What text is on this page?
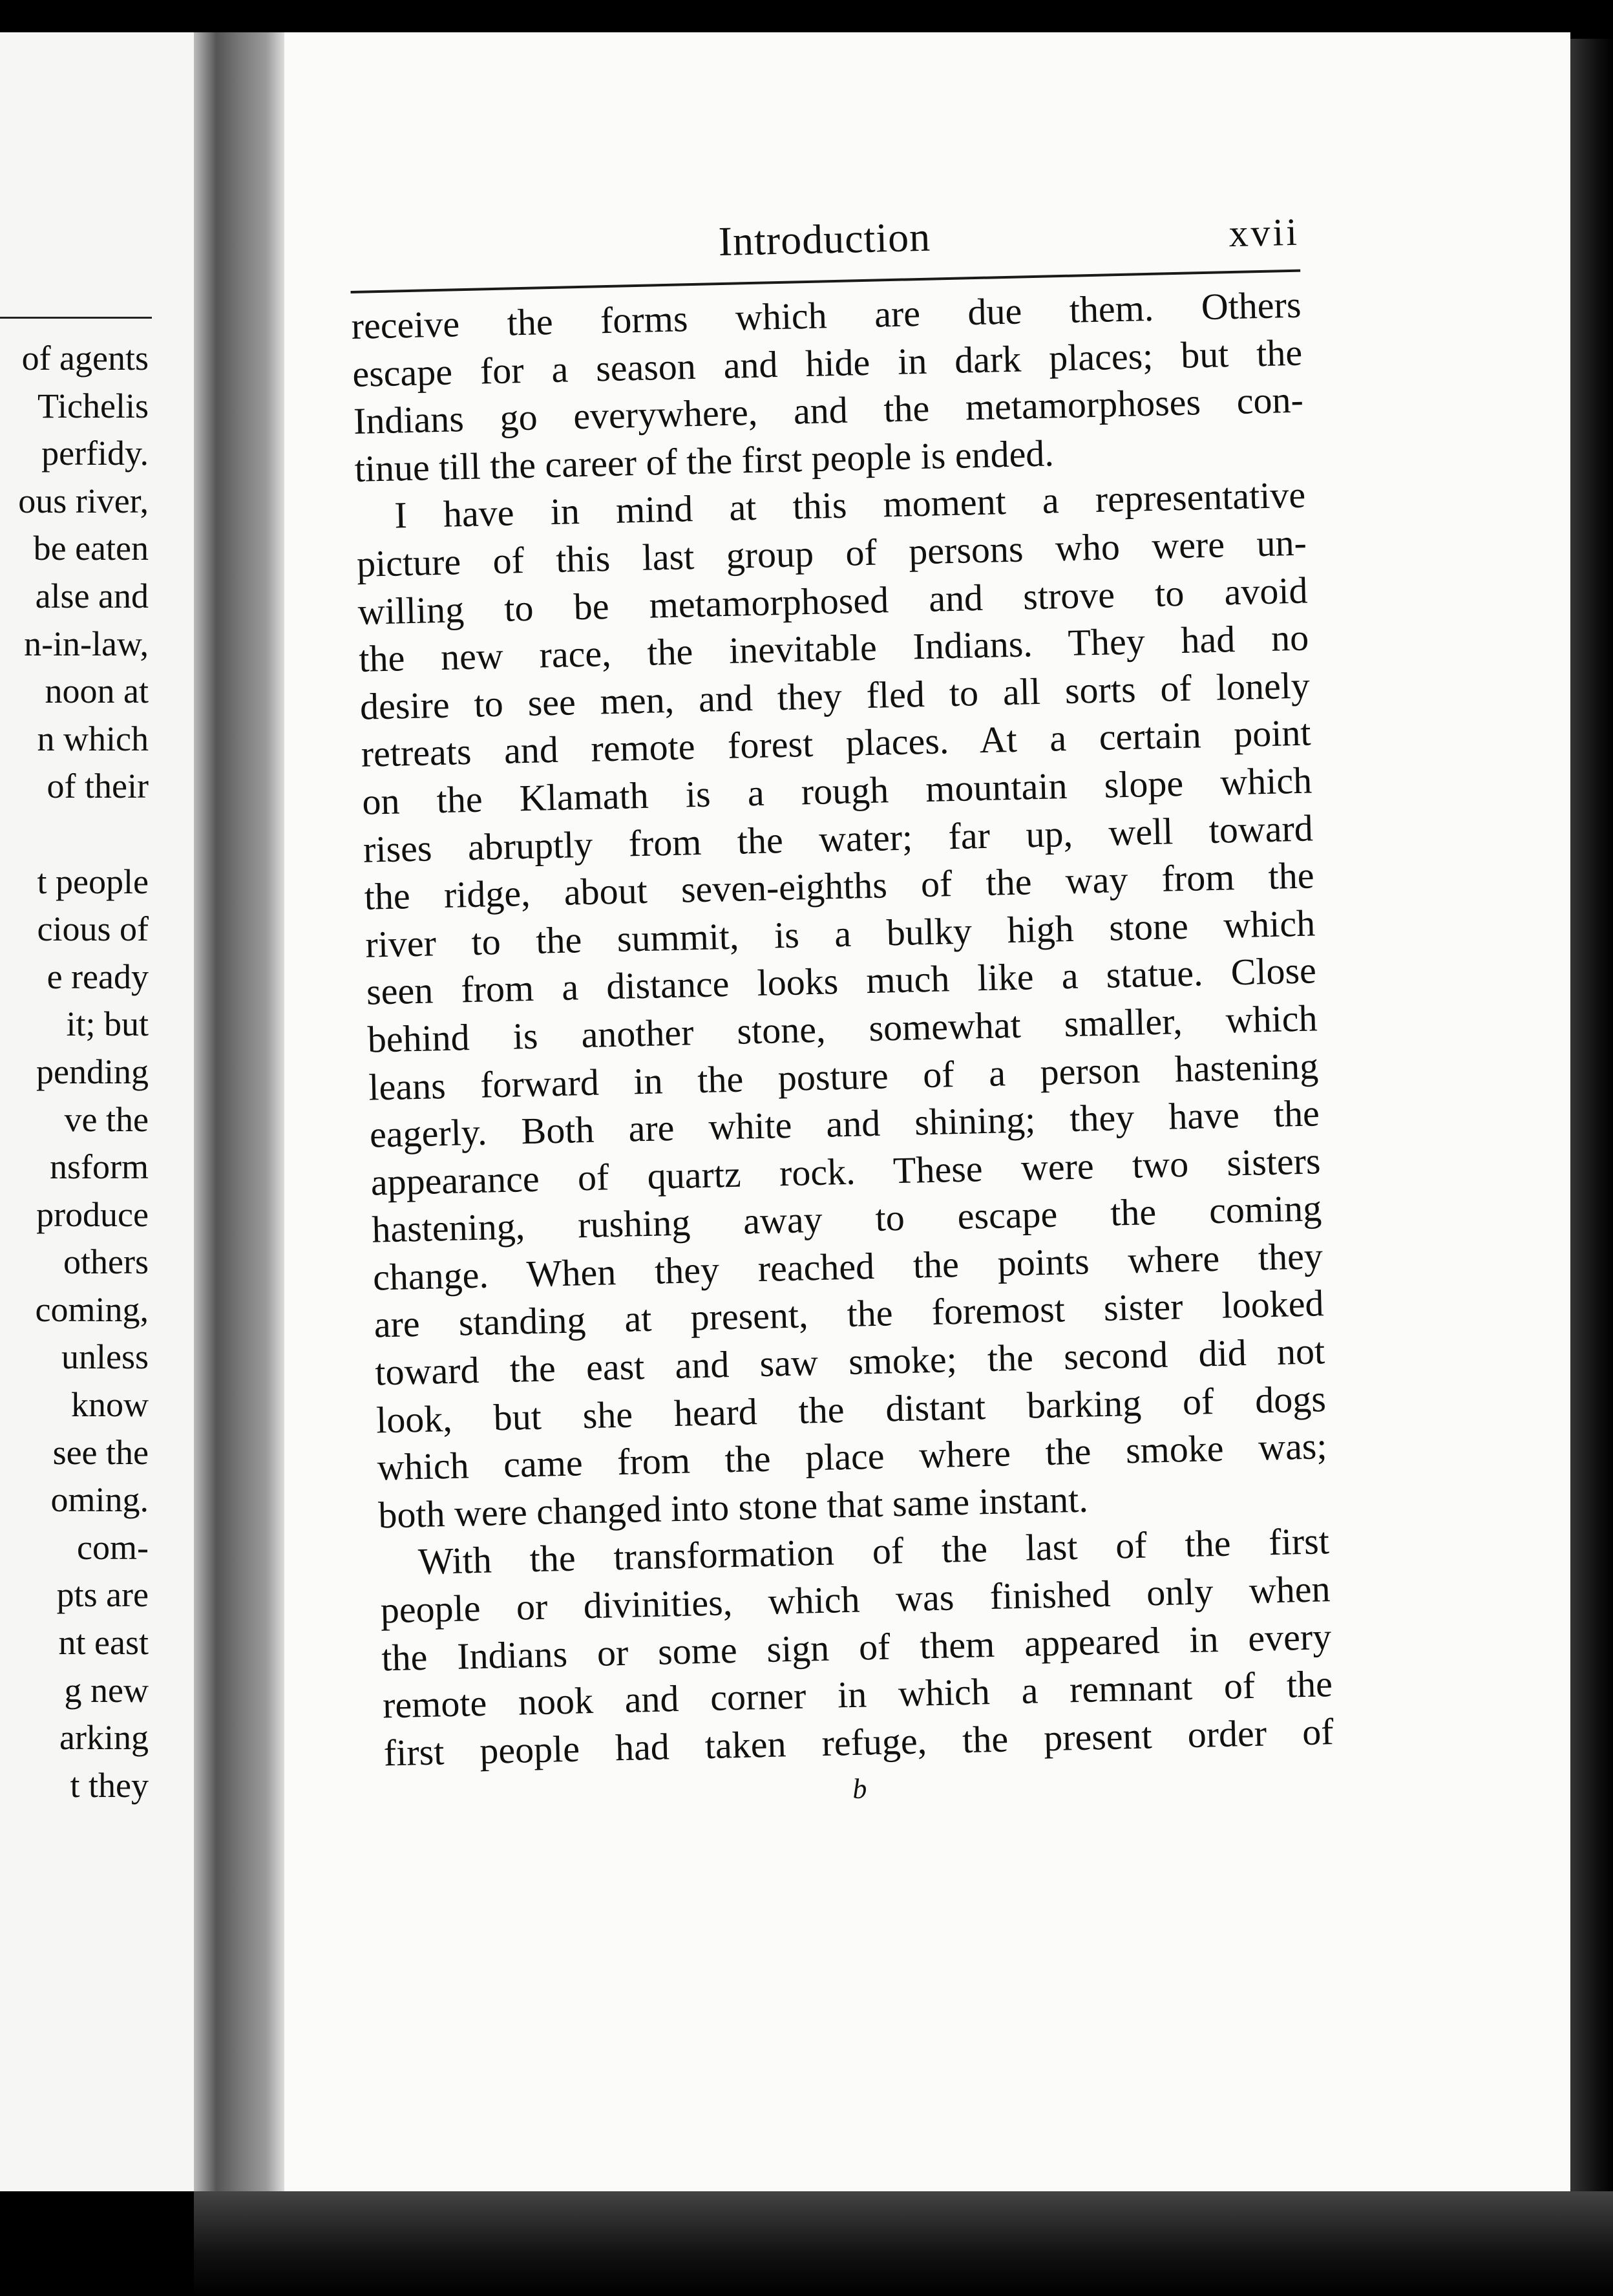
of agents
Tichelis
perfidy.
ous river,
be eaten
alse and
n-in-law,
noon at
n which
of their
t people
cious of
e ready
it; but
pending
ve the
nsform
produce
others
coming,
unless
know
see the
oming.
com-
pts are
nt east
g new
arking
t they
Introduction	xvii
receive the forms which are due them. Others
escape for a season and hide in dark places; but the
Indians go everywhere, and the metamorphoses con-
tinue till the career of the first people is ended.
I have in mind at this moment a representative
picture of this last group of persons who were un-
willing to be metamorphosed and strove to avoid
the new race, the inevitable Indians. They had no
desire to see men, and they fled to all sorts of lonely
retreats and remote forest places. At a certain point
on the Klamath is a rough mountain slope which
rises abruptly from the water; far up, well toward
the ridge, about seven-eighths of the way from the
river to the summit, is a bulky high stone which
seen from a distance looks much like a statue. Close
behind is another stone, somewhat smaller, which
leans forward in the posture of a person hastening
eagerly. Both are white and shining; they have the
appearance of quartz rock. These were two sisters
hastening, rushing away to escape the coming
change. When they reached the points where they
are standing at present, the foremost sister looked
toward the east and saw smoke; the second did not
look, but she heard the distant barking of dogs
which came from the place where the smoke was;
both were changed into stone that same instant.
With the transformation of the last of the first
people or divinities, which was finished only when
the Indians or some sign of them appeared in every
remote nook and corner in which a remnant of the
first people had taken refuge, the present order of
b
